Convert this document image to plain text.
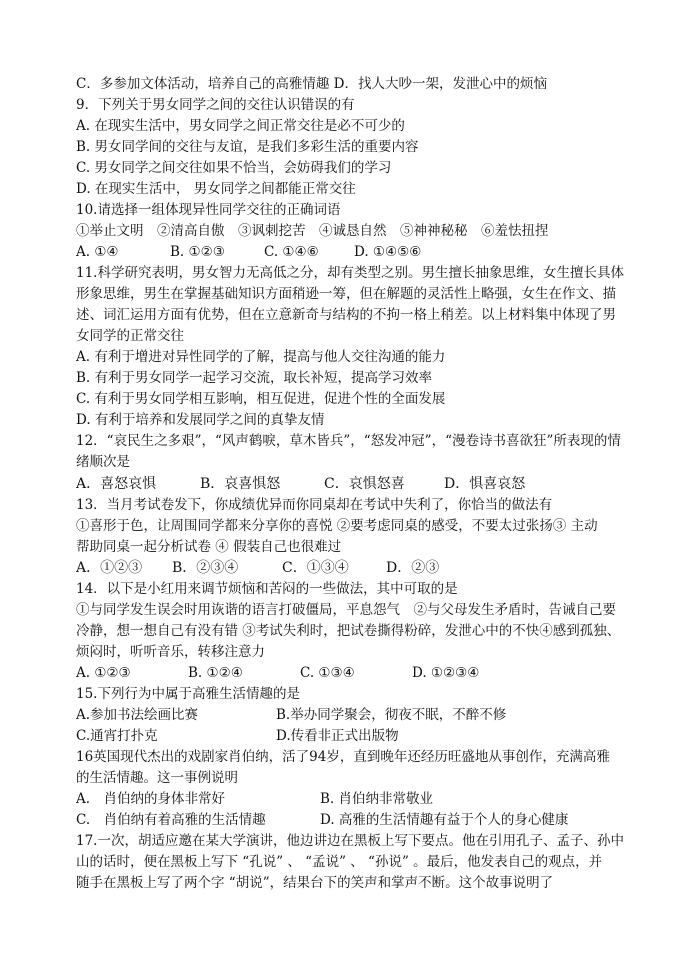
C．多参加文体活动，培养自己的高雅情趣 D．找人大吵一架，发泄心中的烦恼
9．下列关于男女同学之间的交往认识错误的有
A. 在现实生活中，男女同学之间正常交往是必不可少的
B. 男女同学间的交往与友谊，是我们多彩生活的重要内容
C. 男女同学之间交往如果不恰当，会妨碍我们的学习
D. 在现实生活中， 男女同学之间都能正常交往
10.请选择一组体现异性同学交往的正确词语
①举止文明　②清高自傲　③讽刺挖苦　④诚恳自然　⑤神神秘秘　⑥羞怯扭捏
A. ①④	B. ①②③	C. ①④⑥	D. ①④⑤⑥
11.科学研究表明，男女智力无高低之分，却有类型之别。男生擅长抽象思维，女生擅长具体
形象思维，男生在掌握基础知识方面稍逊一筹，但在解题的灵活性上略强，女生在作文、描
述、词汇运用方面有优势，但在立意新奇与结构的不拘一格上稍差。以上材料集中体现了男
女同学的正常交往
A. 有利于增进对异性同学的了解，提高与他人交往沟通的能力
B. 有利于男女同学一起学习交流，取长补短，提高学习效率
C. 有利于男女同学相互影响，相互促进，促进个性的全面发展
D. 有利于培养和发展同学之间的真挚友情
12．“哀民生之多艰”，“风声鹤唳，草木皆兵”，“怒发冲冠”，“漫卷诗书喜欲狂”所表现的情
绪顺次是
A．喜怒哀惧	B．哀喜惧怒	C．哀惧怒喜	D．惧喜哀怒
13．当月考试卷发下，你成绩优异而你同桌却在考试中失利了，你恰当的做法有
①喜形于色，让周围同学都来分享你的喜悦 ②要考虑同桌的感受，不要太过张扬③ 主动
帮助同桌一起分析试卷 ④ 假装自己也很难过
A．①②③	B．②③④	C．①③④	D．②③
14．以下是小红用来调节烦恼和苦闷的一些做法，其中可取的是
①与同学发生误会时用诙谐的语言打破僵局，平息怨气　②与父母发生矛盾时，告诫自己要
冷静，想一想自己有没有错 ③考试失利时，把试卷撕得粉碎，发泄心中的不快④感到孤独、
烦闷时，听听音乐，转移注意力
A. ①②③	B. ①②④	C. ①③④	D. ①②③④
15.下列行为中属于高雅生活情趣的是
A.参加书法绘画比赛	B.举办同学聚会，彻夜不眠，不醉不修
C.通宵打扑克	D.传看非正式出版物
16英国现代杰出的戏剧家肖伯纳，活了94岁，直到晚年还经历旺盛地从事创作，充满高雅
的生活情趣。这一事例说明
A.　肖伯纳的身体非常好	B. 肖伯纳非常敬业
C.　肖伯纳有着高雅的生活情趣	D. 高雅的生活情趣有益于个人的身心健康
17.一次，胡适应邀在某大学演讲，他边讲边在黑板上写下要点。他在引用孔子、孟子、孙中
山的话时，便在黑板上写下 “孔说” 、 “孟说” 、 “孙说” 。最后，他发表自己的观点，并
随手在黑板上写了两个字 “胡说”，结果台下的笑声和掌声不断。这个故事说明了
